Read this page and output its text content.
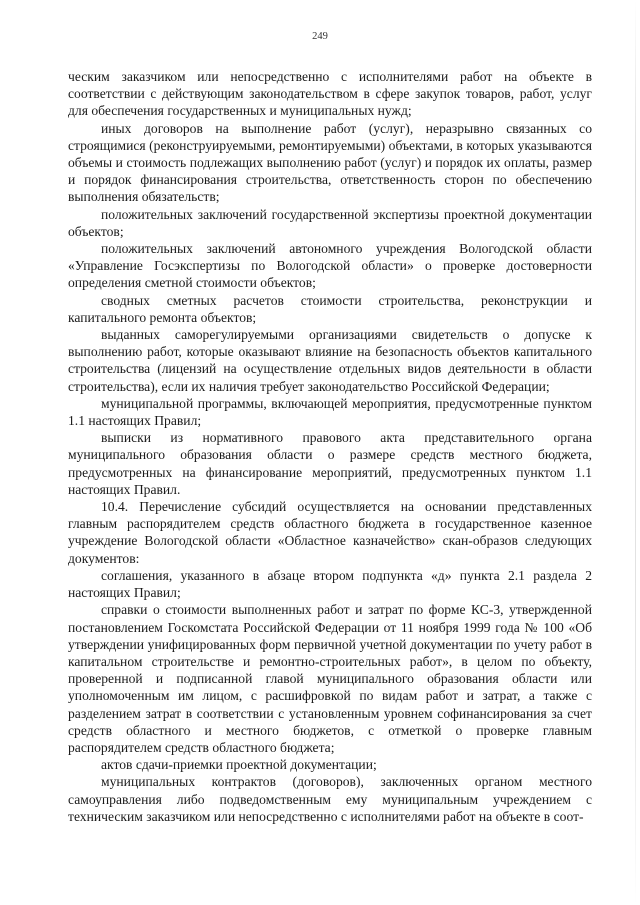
249

ческим заказчиком или непосредственно с исполнителями работ на объекте в соответствии с действующим законодательством в сфере закупок товаров, работ, услуг для обеспечения государственных и муниципальных нужд;

иных договоров на выполнение работ (услуг), неразрывно связанных со строящимися (реконструируемыми, ремонтируемыми) объектами, в которых указываются объемы и стоимость подлежащих выполнению работ (услуг) и порядок их оплаты, размер и порядок финансирования строительства, ответственность сторон по обеспечению выполнения обязательств;

положительных заключений государственной экспертизы проектной документации объектов;

положительных заключений автономного учреждения Вологодской области «Управление Госэкспертизы по Вологодской области» о проверке достоверности определения сметной стоимости объектов;

сводных сметных расчетов стоимости строительства, реконструкции и капитального ремонта объектов;

выданных саморегулируемыми организациями свидетельств о допуске к выполнению работ, которые оказывают влияние на безопасность объектов капитального строительства (лицензий на осуществление отдельных видов деятельности в области строительства), если их наличия требует законодательство Российской Федерации;

муниципальной программы, включающей мероприятия, предусмотренные пунктом 1.1 настоящих Правил;

выписки из нормативного правового акта представительного органа муниципального образования области о размере средств местного бюджета, предусмотренных на финансирование мероприятий, предусмотренных пунктом 1.1 настоящих Правил.

10.4. Перечисление субсидий осуществляется на основании представленных главным распорядителем средств областного бюджета в государственное казенное учреждение Вологодской области «Областное казначейство» скан-образов следующих документов:

соглашения, указанного в абзаце втором подпункта «д» пункта 2.1 раздела 2 настоящих Правил;

справки о стоимости выполненных работ и затрат по форме КС-3, утвержденной постановлением Госкомстата Российской Федерации от 11 ноября 1999 года № 100 «Об утверждении унифицированных форм первичной учетной документации по учету работ в капитальном строительстве и ремонтно-строительных работ», в целом по объекту, проверенной и подписанной главой муниципального образования области или уполномоченным им лицом, с расшифровкой по видам работ и затрат, а также с разделением затрат в соответствии с установленным уровнем софинансирования за счет средств областного и местного бюджетов, с отметкой о проверке главным распорядителем средств областного бюджета;

актов сдачи-приемки проектной документации;

муниципальных контрактов (договоров), заключенных органом местного самоуправления либо подведомственным ему муниципальным учреждением с техническим заказчиком или непосредственно с исполнителями работ на объекте в соот-
